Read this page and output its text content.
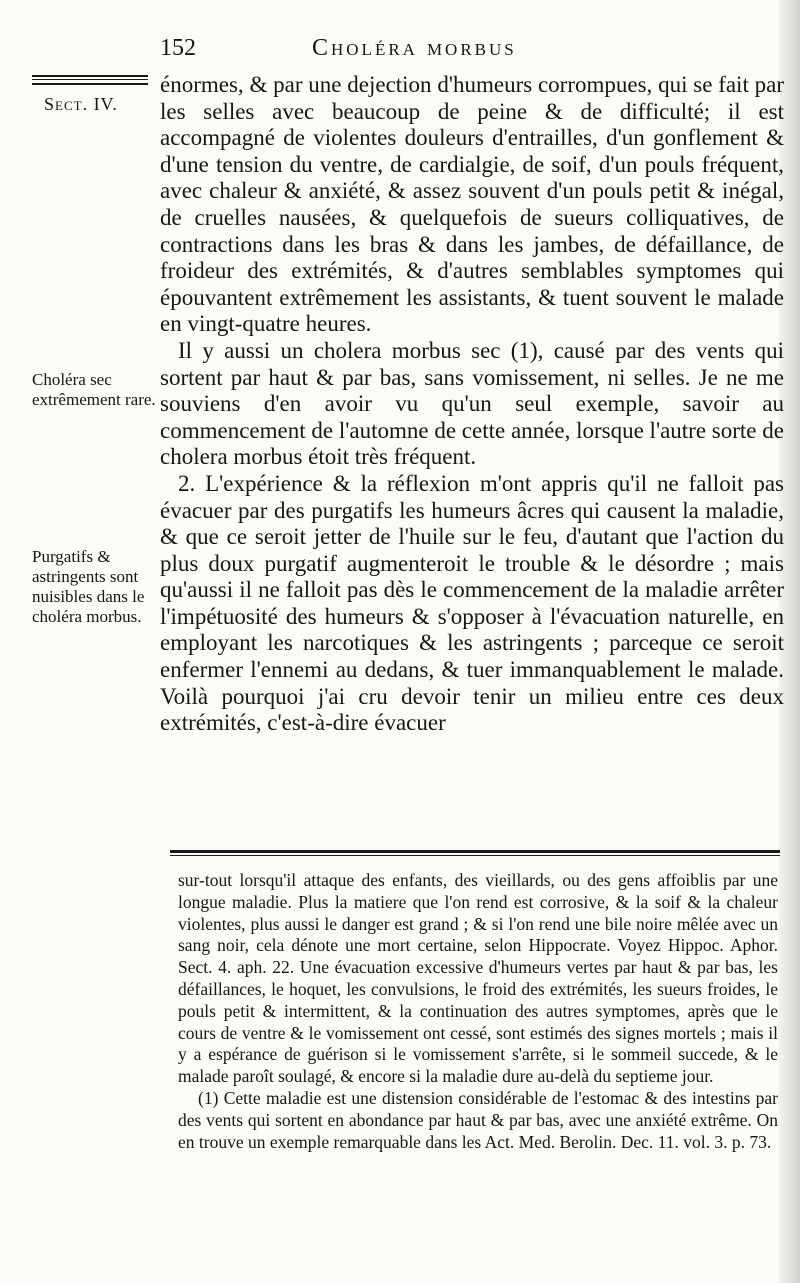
152	Choléra morbus
Sect. IV.
Choléra sec extrêmement rare.
Purgatifs & astringents sont nuisibles dans le choléra morbus.

énormes, & par une dejection d'humeurs corrompues, qui se fait par les selles avec beaucoup de peine & de difficulté; il est accompagné de violentes douleurs d'entrailles, d'un gonflement & d'une tension du ventre, de cardialgie, de soif, d'un pouls fréquent, avec chaleur & anxiété, & assez souvent d'un pouls petit & inégal, de cruelles nausées, & quelquefois de sueurs colliquatives, de contractions dans les bras & dans les jambes, de défaillance, de froideur des extrémités, & d'autres semblables symptomes qui épouvantent extrêmement les assistants, & tuent souvent le malade en vingt-quatre heures.

Il y aussi un cholera morbus sec (1), causé par des vents qui sortent par haut & par bas, sans vomissement, ni selles. Je ne me souviens d'en avoir vu qu'un seul exemple, savoir au commencement de l'automne de cette année, lorsque l'autre sorte de cholera morbus étoit très fréquent.

2. L'expérience & la réflexion m'ont appris qu'il ne falloit pas évacuer par des purgatifs les humeurs âcres qui causent la maladie, & que ce seroit jetter de l'huile sur le feu, d'autant que l'action du plus doux purgatif augmenteroit le trouble & le désordre ; mais qu'aussi il ne falloit pas dès le commencement de la maladie arrêter l'impétuosité des humeurs & s'opposer à l'évacuation naturelle, en employant les narcotiques & les astringents ; parceque ce seroit enfermer l'ennemi au dedans, & tuer immanquablement le malade. Voilà pourquoi j'ai cru devoir tenir un milieu entre ces deux extrémités, c'est-à-dire évacuer

sur-tout lorsqu'il attaque des enfants, des vieillards, ou des gens affoiblis par une longue maladie. Plus la matiere que l'on rend est corrosive, & la soif & la chaleur violentes, plus aussi le danger est grand ; & si l'on rend une bile noire mêlée avec un sang noir, cela dénote une mort certaine, selon Hippocrate. Voyez Hippoc. Aphor. Sect. 4. aph. 22. Une évacuation excessive d'humeurs vertes par haut & par bas, les défaillances, le hoquet, les convulsions, le froid des extrémités, les sueurs froides, le pouls petit & intermittent, & la continuation des autres symptomes, après que le cours de ventre & le vomissement ont cessé, sont estimés des signes mortels ; mais il y a espérance de guérison si le vomissement s'arrête, si le sommeil succede, & le malade paroît soulagé, & encore si la maladie dure au-delà du septieme jour.

(1) Cette maladie est une distension considérable de l'estomac & des intestins par des vents qui sortent en abondance par haut & par bas, avec une anxiété extrême. On en trouve un exemple remarquable dans les Act. Med. Berolin. Dec. 11. vol. 3. p. 73.
